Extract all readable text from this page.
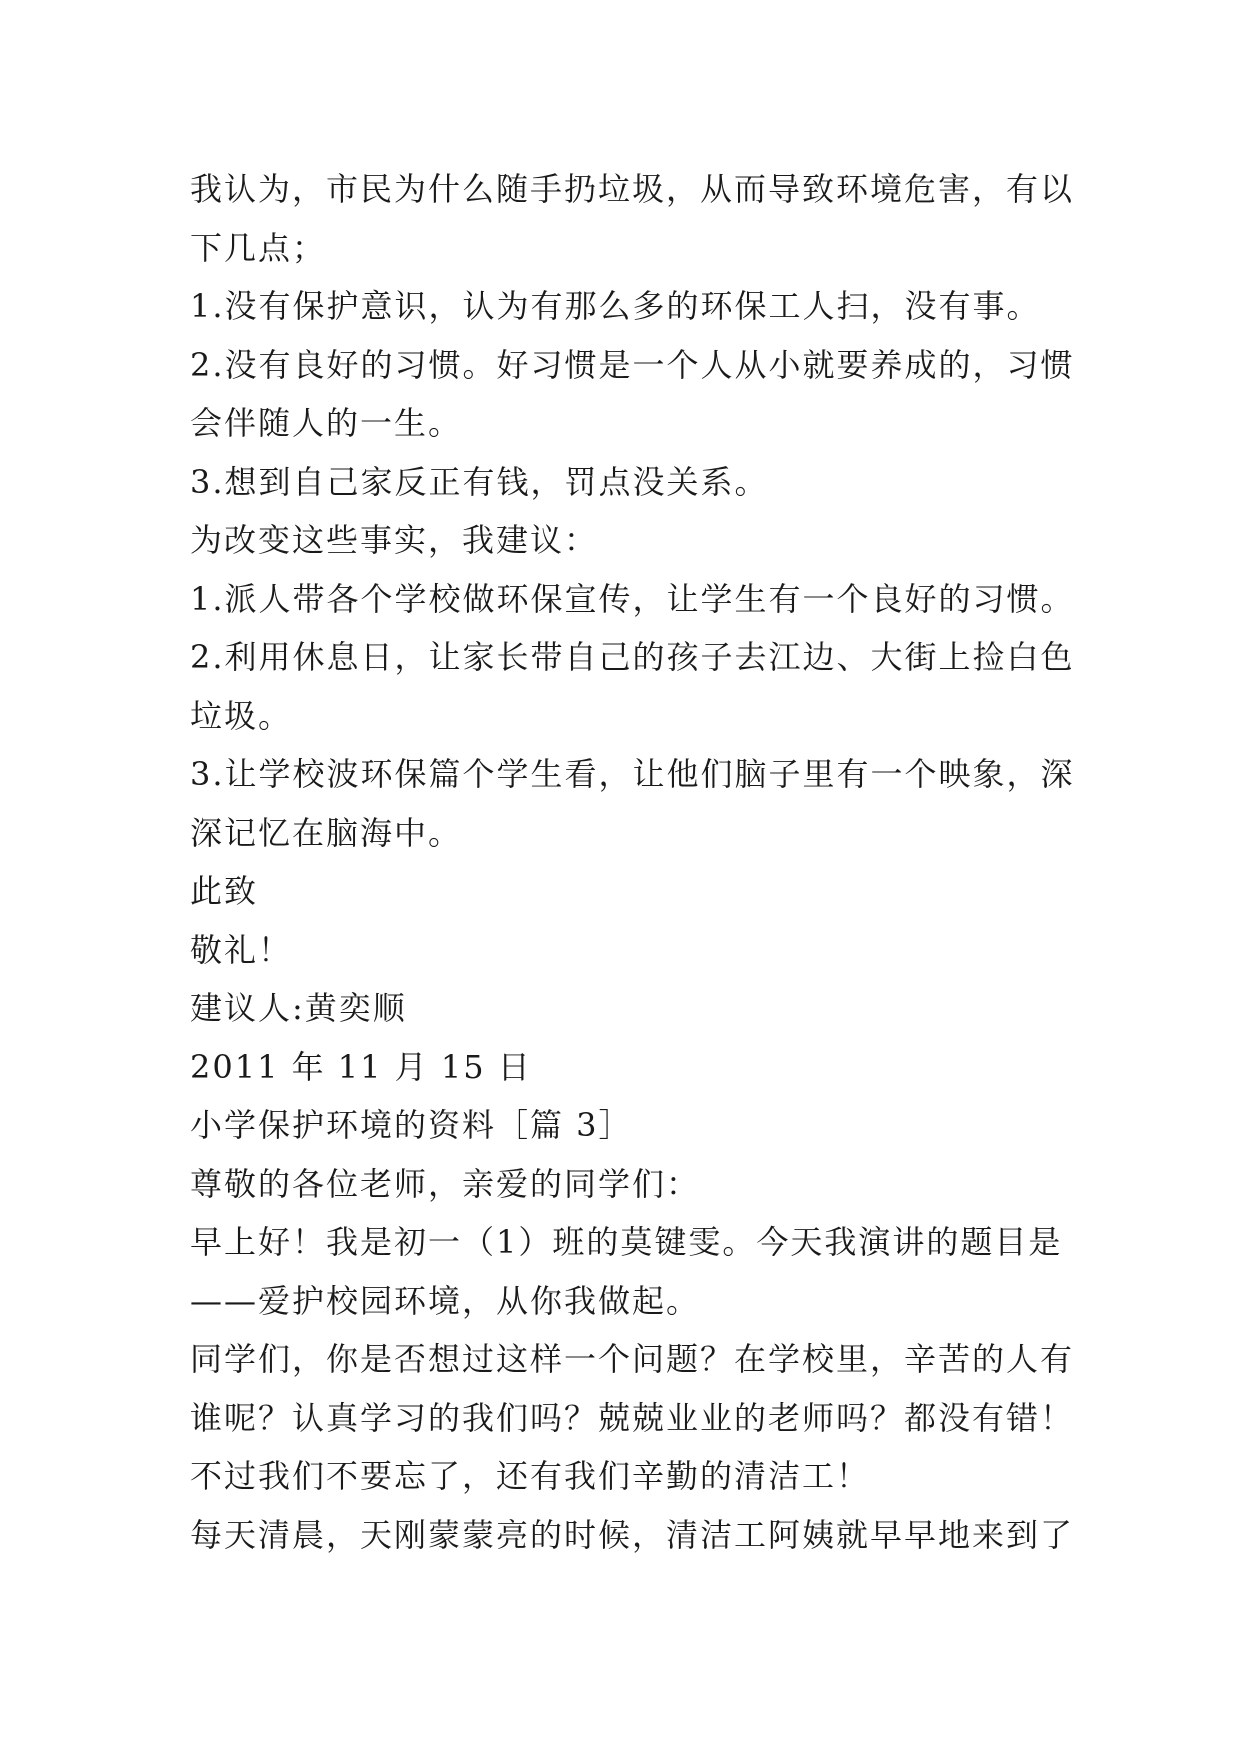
我认为，市民为什么随手扔垃圾，从而导致环境危害，有以
下几点；
1.没有保护意识，认为有那么多的环保工人扫，没有事。
2.没有良好的习惯。好习惯是一个人从小就要养成的，习惯
会伴随人的一生。
3.想到自己家反正有钱，罚点没关系。
为改变这些事实，我建议：
1.派人带各个学校做环保宣传，让学生有一个良好的习惯。
2.利用休息日，让家长带自己的孩子去江边、大街上捡白色
垃圾。
3.让学校波环保篇个学生看，让他们脑子里有一个映象，深
深记忆在脑海中。
此致
敬礼！
建议人:黄奕顺
2011 年 11 月 15 日
小学保护环境的资料［篇 3］
尊敬的各位老师，亲爱的同学们：
早上好！我是初一（1）班的莫键雯。今天我演讲的题目是
——爱护校园环境，从你我做起。
同学们，你是否想过这样一个问题？在学校里，辛苦的人有
谁呢？认真学习的我们吗？兢兢业业的老师吗？都没有错！
不过我们不要忘了，还有我们辛勤的清洁工！
每天清晨，天刚蒙蒙亮的时候，清洁工阿姨就早早地来到了
